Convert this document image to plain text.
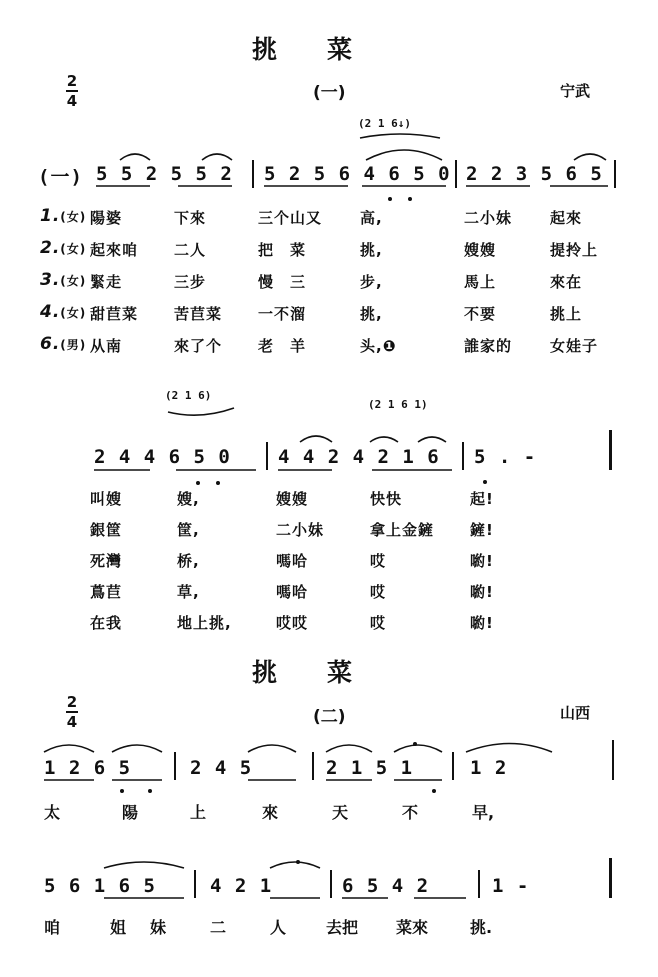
挑　　菜
2
4	(一)	宁武
(2 1 6↓)
(一) 5 5 2 5 5 2 5 2 5 6 4 6 5 0 2 2 3 5 6 5
1.(女) 陽婆	下來	三个山又	高,	二小妹	起來
2.(女) 起來咱 二人	把　菜	挑,	嫂嫂	提拎上
3.(女) 緊走	三步	慢　三	步,	馬上	來在
4.(女) 甜苣菜 苦苣菜 一不溜	挑,	不要	挑上
6.(男) 从南	來了个 老　羊	头,❶	誰家的	女娃子
(2 1 6)
(2 1 6 1)
2 4 4 6 5 0 4 4 2 4 2 1 6 5 . -
叫嫂	嫂,	嫂嫂	快快	起!
銀筐	筐,	二小妹	拿上金鏟 鏟!
死灣	桥,	嗎哈	哎	喲!
蔦苣	草,	嗎哈	哎	喲!
在我	地上挑,	哎哎	哎	喲!
挑　　菜
2
4	(二)	山西
1 2 6 5	2 4 5	2 1 5 1	1 2
太	陽	上	來	天	不	早,
5 6 1 6 5	4 2 1	6 5 4 2	1 -
咱	姐 妹	二	人 去把 菜來	挑.
